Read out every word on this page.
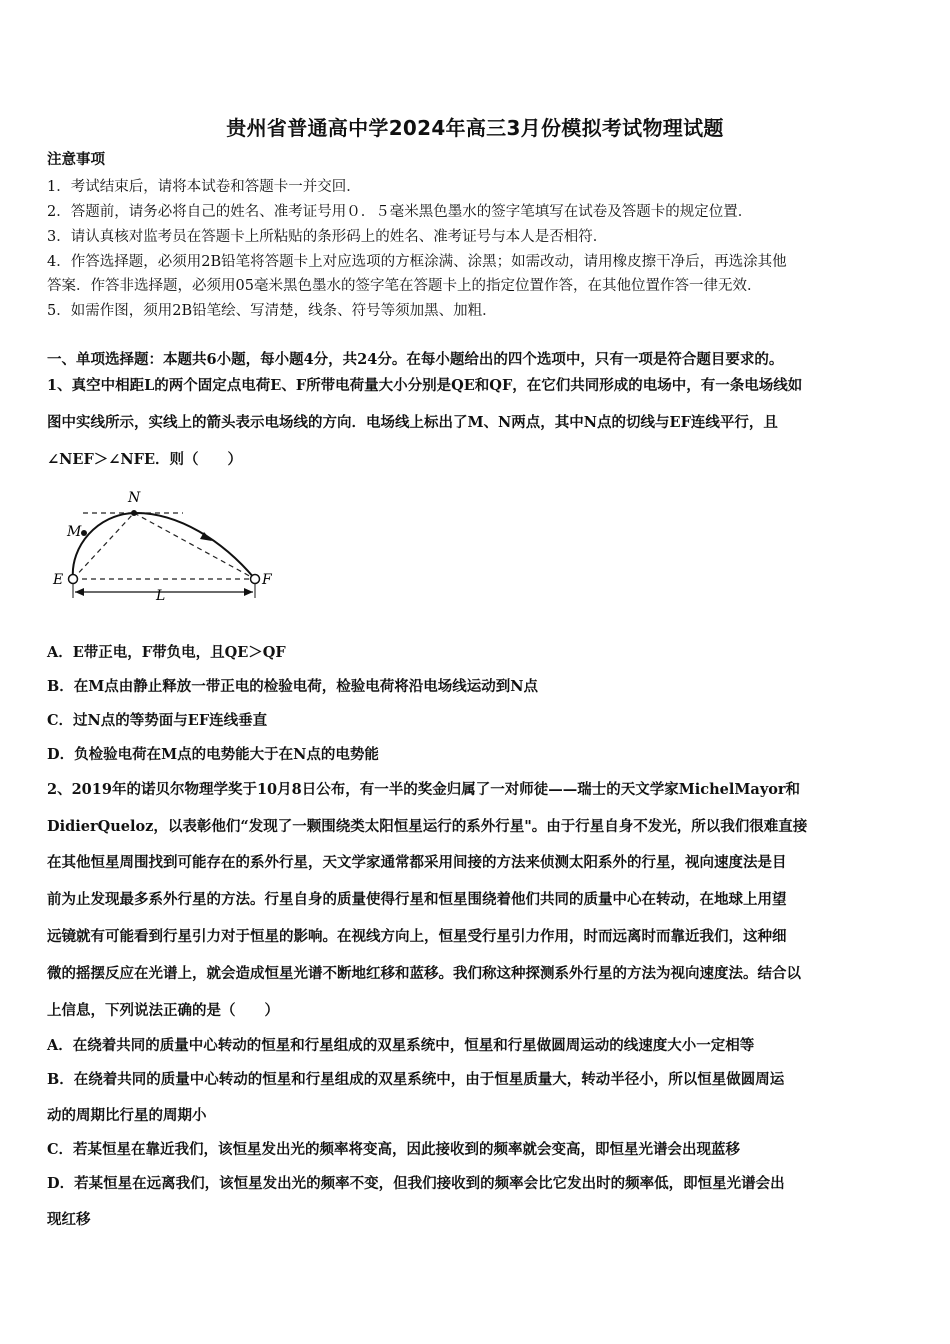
贵州省普通高中学2024年高三3月份模拟考试物理试题
注意事项
1．考试结束后，请将本试卷和答题卡一并交回．
2．答题前，请务必将自己的姓名、准考证号用０．５毫米黑色墨水的签字笔填写在试卷及答题卡的规定位置．
3．请认真核对监考员在答题卡上所粘贴的条形码上的姓名、准考证号与本人是否相符．
4．作答选择题，必须用2B铅笔将答题卡上对应选项的方框涂满、涂黑；如需改动，请用橡皮擦干净后，再选涂其他
答案．作答非选择题，必须用05毫米黑色墨水的签字笔在答题卡上的指定位置作答，在其他位置作答一律无效．
5．如需作图，须用2B铅笔绘、写清楚，线条、符号等须加黑、加粗．
一、单项选择题：本题共6小题，每小题4分，共24分。在每小题给出的四个选项中，只有一项是符合题目要求的。
1、真空中相距L的两个固定点电荷E、F所带电荷量大小分别是QE和QF，在它们共同形成的电场中，有一条电场线如
图中实线所示，实线上的箭头表示电场线的方向．电场线上标出了M、N两点，其中N点的切线与EF连线平行，且
∠NEF＞∠NFE．则（　　）
N
M
E	F
L
A．E带正电，F带负电，且QE＞QF
B．在M点由静止释放一带正电的检验电荷，检验电荷将沿电场线运动到N点
C．过N点的等势面与EF连线垂直
D．负检验电荷在M点的电势能大于在N点的电势能
2、2019年的诺贝尔物理学奖于10月8日公布，有一半的奖金归属了一对师徒——瑞士的天文学家MichelMayor和
DidierQueloz，以表彰他们“发现了一颗围绕类太阳恒星运行的系外行星"。由于行星自身不发光，所以我们很难直接
在其他恒星周围找到可能存在的系外行星，天文学家通常都采用间接的方法来侦测太阳系外的行星，视向速度法是目
前为止发现最多系外行星的方法。行星自身的质量使得行星和恒星围绕着他们共同的质量中心在转动，在地球上用望
远镜就有可能看到行星引力对于恒星的影响。在视线方向上，恒星受行星引力作用，时而远离时而靠近我们，这种细
微的摇摆反应在光谱上，就会造成恒星光谱不断地红移和蓝移。我们称这种探测系外行星的方法为视向速度法。结合以
上信息，下列说法正确的是（　　）
A．在绕着共同的质量中心转动的恒星和行星组成的双星系统中，恒星和行星做圆周运动的线速度大小一定相等
B．在绕着共同的质量中心转动的恒星和行星组成的双星系统中，由于恒星质量大，转动半径小，所以恒星做圆周运
动的周期比行星的周期小
C．若某恒星在靠近我们，该恒星发出光的频率将变高，因此接收到的频率就会变高，即恒星光谱会出现蓝移
D．若某恒星在远离我们，该恒星发出光的频率不变，但我们接收到的频率会比它发出时的频率低，即恒星光谱会出
现红移
